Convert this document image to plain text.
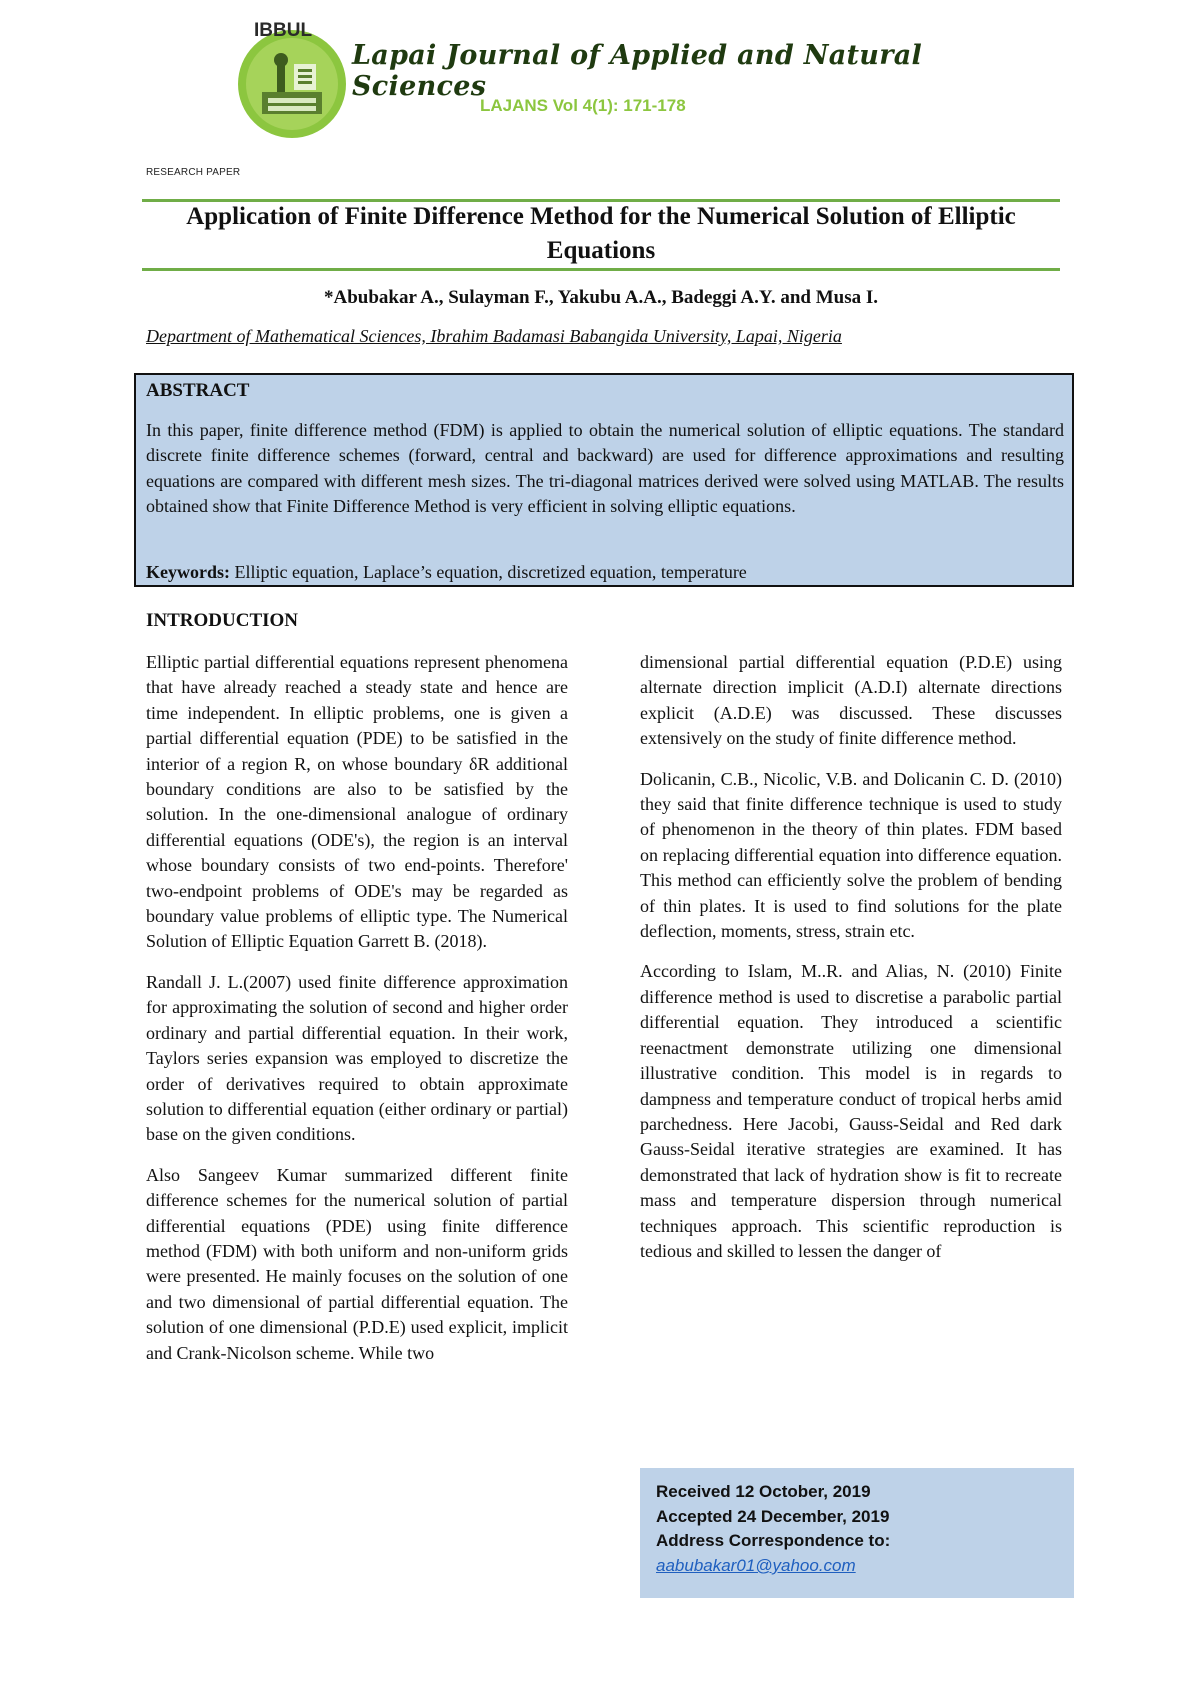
IBBUL
Lapai Journal of Applied and Natural Sciences
LAJANS Vol 4(1): 171-178
RESEARCH PAPER
Application of Finite Difference Method for the Numerical Solution of Elliptic Equations
*Abubakar A., Sulayman F., Yakubu A.A., Badeggi A.Y. and Musa I.
Department of Mathematical Sciences, Ibrahim Badamasi Babangida University, Lapai, Nigeria
ABSTRACT
In this paper, finite difference method (FDM) is applied to obtain the numerical solution of elliptic equations. The standard discrete finite difference schemes (forward, central and backward) are used for difference approximations and resulting equations are compared with different mesh sizes. The tri-diagonal matrices derived were solved using MATLAB. The results obtained show that Finite Difference Method is very efficient in solving elliptic equations.
Keywords: Elliptic equation, Laplace’s equation, discretized equation, temperature
INTRODUCTION

Elliptic partial differential equations represent phenomena that have already reached a steady state and hence are time independent. In elliptic problems, one is given a partial differential equation (PDE) to be satisfied in the interior of a region R, on whose boundary δR additional boundary conditions are also to be satisfied by the solution. In the one-dimensional analogue of ordinary differential equations (ODE's), the region is an interval whose boundary consists of two end-points. Therefore' two-endpoint problems of ODE's may be regarded as boundary value problems of elliptic type. The Numerical Solution of Elliptic Equation Garrett B. (2018).

Randall J. L.(2007) used finite difference approximation for approximating the solution of second and higher order ordinary and partial differential equation. In their work, Taylors series expansion was employed to discretize the order of derivatives required to obtain approximate solution to differential equation (either ordinary or partial) base on the given conditions.

Also Sangeev Kumar summarized different finite difference schemes for the numerical solution of partial differential equations (PDE) using finite difference method (FDM) with both uniform and non-uniform grids were presented. He mainly focuses on the solution of one and two dimensional of partial differential equation. The solution of one dimensional (P.D.E) used explicit, implicit and Crank-Nicolson scheme. While two

dimensional partial differential equation (P.D.E) using alternate direction implicit (A.D.I) alternate directions explicit (A.D.E) was discussed. These discusses extensively on the study of finite difference method.

Dolicanin, C.B., Nicolic, V.B. and Dolicanin C. D. (2010) they said that finite difference technique is used to study of phenomenon in the theory of thin plates. FDM based on replacing differential equation into difference equation. This method can efficiently solve the problem of bending of thin plates. It is used to find solutions for the plate deflection, moments, stress, strain etc.

According to Islam, M..R. and Alias, N. (2010) Finite difference method is used to discretise a parabolic partial differential equation. They introduced a scientific reenactment demonstrate utilizing one dimensional illustrative condition. This model is in regards to dampness and temperature conduct of tropical herbs amid parchedness. Here Jacobi, Gauss-Seidal and Red dark Gauss-Seidal iterative strategies are examined. It has demonstrated that lack of hydration show is fit to recreate mass and temperature dispersion through numerical techniques approach. This scientific reproduction is tedious and skilled to lessen the danger of

Received 12 October, 2019
Accepted 24 December, 2019
Address Correspondence to:
aabubakar01@yahoo.com
